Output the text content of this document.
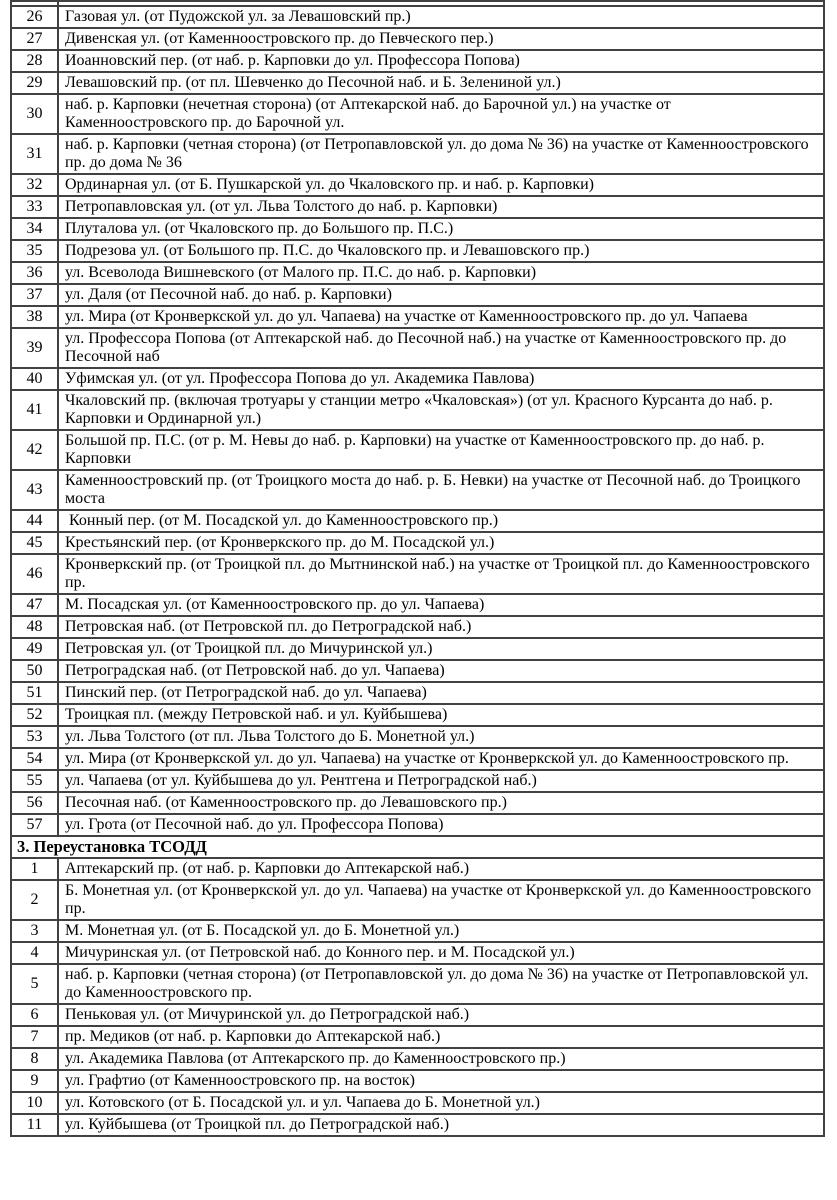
26	Газовая ул. (от Пудожской ул. за Левашовский пр.)
27	Дивенская ул. (от Каменноостровского пр. до Певческого пер.)
28	Иоанновский пер. (от наб. р. Карповки до ул. Профессора Попова)
29	Левашовский пр. (от пл. Шевченко до Песочной наб. и Б. Зелениной ул.)
30	наб. р. Карповки (нечетная сторона) (от Аптекарской наб. до Барочной ул.) на участке от Каменноостровского пр. до Барочной ул.
31	наб. р. Карповки (четная сторона) (от Петропавловской ул. до дома № 36) на участке от Каменноостровского пр. до дома № 36
32	Ординарная ул. (от Б. Пушкарской ул. до Чкаловского пр. и наб. р. Карповки)
33	Петропавловская ул. (от ул. Льва Толстого до наб. р. Карповки)
34	Плуталова ул. (от Чкаловского пр. до Большого пр. П.С.)
35	Подрезова ул. (от Большого пр. П.С. до Чкаловского пр. и Левашовского пр.)
36	ул. Всеволода Вишневского (от Малого пр. П.С. до наб. р. Карповки)
37	ул. Даля (от Песочной наб. до наб. р. Карповки)
38	ул. Мира (от Кронверкской ул. до ул. Чапаева) на участке от Каменноостровского пр. до ул. Чапаева
39	ул. Профессора Попова (от Аптекарской наб. до Песочной наб.) на участке от Каменноостровского пр. до Песочной наб
40	Уфимская ул. (от ул. Профессора Попова до ул. Академика Павлова)
41	Чкаловский пр. (включая тротуары у станции метро «Чкаловская») (от ул. Красного Курсанта до наб. р. Карповки и Ординарной ул.)
42	Большой пр. П.С. (от р. М. Невы до наб. р. Карповки) на участке от Каменноостровского пр. до наб. р. Карповки
43	Каменноостровский пр. (от Троицкого моста до наб. р. Б. Невки) на участке от Песочной наб. до Троицкого моста
44	Конный пер. (от М. Посадской ул. до Каменноостровского пр.)
45	Крестьянский пер. (от Кронверкского пр. до М. Посадской ул.)
46	Кронверкский пр. (от Троицкой пл. до Мытнинской наб.) на участке от Троицкой пл. до Каменноостровского пр.
47	М. Посадская ул. (от Каменноостровского пр. до ул. Чапаева)
48	Петровская наб. (от Петровской пл. до Петроградской наб.)
49	Петровская ул. (от Троицкой пл. до Мичуринской ул.)
50	Петроградская наб. (от Петровской наб. до ул. Чапаева)
51	Пинский пер. (от Петроградской наб. до ул. Чапаева)
52	Троицкая пл. (между Петровской наб. и ул. Куйбышева)
53	ул. Льва Толстого (от пл. Льва Толстого до Б. Монетной ул.)
54	ул. Мира (от Кронверкской ул. до ул. Чапаева) на участке от Кронверкской ул. до Каменноостровского пр.
55	ул. Чапаева (от ул. Куйбышева до ул. Рентгена и Петроградской наб.)
56	Песочная наб. (от Каменноостровского пр. до Левашовского пр.)
57	ул. Грота (от Песочной наб. до ул. Профессора Попова)
3. Переустановка ТСОДД	
1	Аптекарский пр. (от наб. р. Карповки до Аптекарской наб.)
2	Б. Монетная ул. (от Кронверкской ул. до ул. Чапаева) на участке от Кронверкской ул. до Каменноостровского пр.
3	М. Монетная ул. (от Б. Посадской ул. до Б. Монетной ул.)
4	Мичуринская ул. (от Петровской наб. до Конного пер. и М. Посадской ул.)
5	наб. р. Карповки (четная сторона) (от Петропавловской ул. до дома № 36) на участке от Петропавловской ул. до Каменноостровского пр.
6	Пеньковая ул. (от Мичуринской ул. до Петроградской наб.)
7	пр. Медиков (от наб. р. Карповки до Аптекарской наб.)
8	ул. Академика Павлова (от Аптекарского пр. до Каменноостровского пр.)
9	ул. Графтио (от Каменноостровского пр. на восток)
10	ул. Котовского (от Б. Посадской ул. и ул. Чапаева до Б. Монетной ул.)
11	ул. Куйбышева (от Троицкой пл. до Петроградской наб.)
